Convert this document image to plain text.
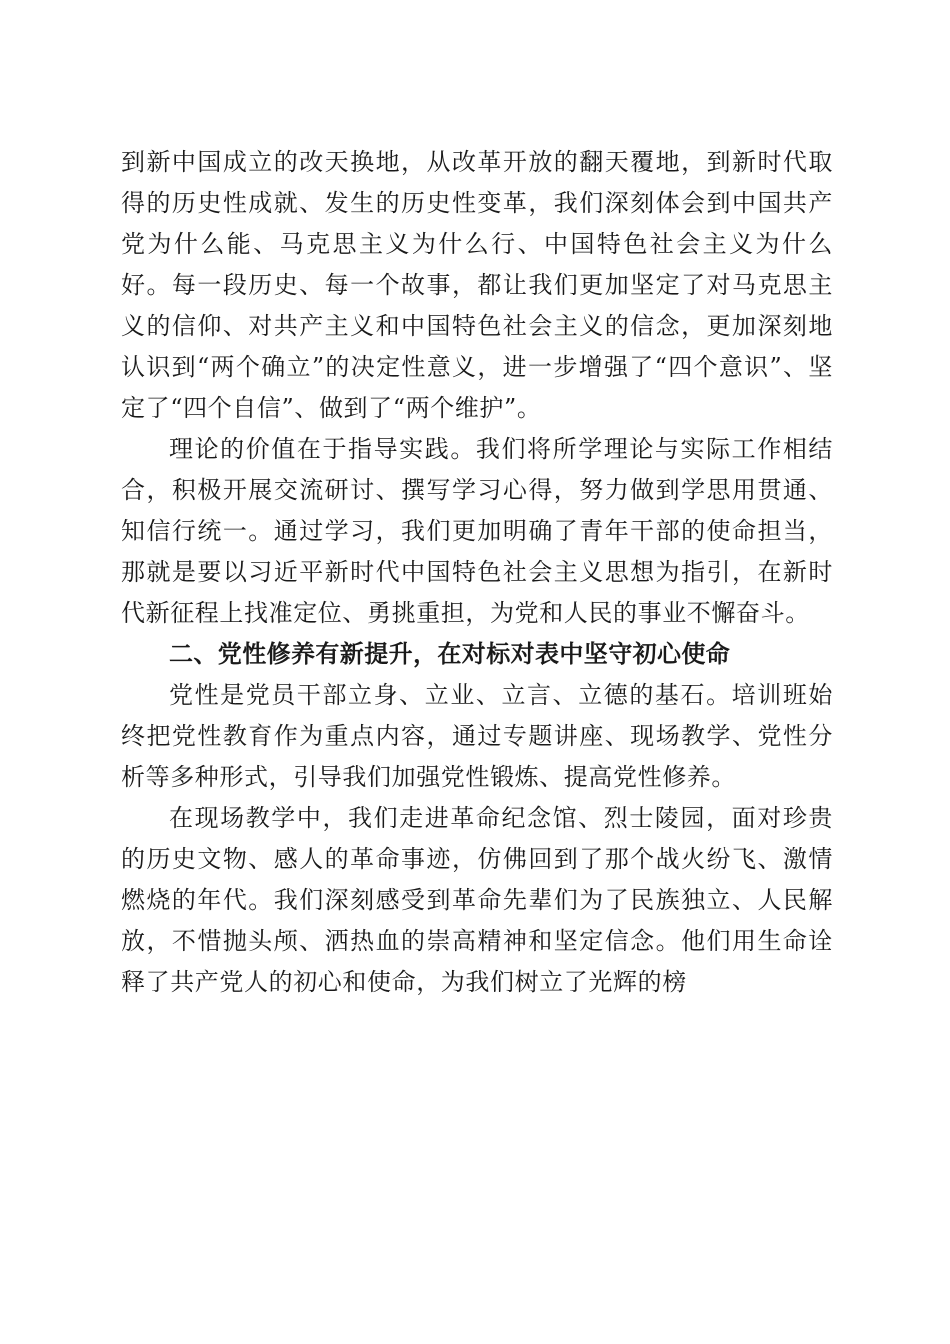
到新中国成立的改天换地，从改革开放的翻天覆地，到新时代取得的历史性成就、发生的历史性变革，我们深刻体会到中国共产党为什么能、马克思主义为什么行、中国特色社会主义为什么好。每一段历史、每一个故事，都让我们更加坚定了对马克思主义的信仰、对共产主义和中国特色社会主义的信念，更加深刻地认识到“两个确立”的决定性意义，进一步增强了“四个意识”、坚定了“四个自信”、做到了“两个维护”。

理论的价值在于指导实践。我们将所学理论与实际工作相结合，积极开展交流研讨、撰写学习心得，努力做到学思用贯通、知信行统一。通过学习，我们更加明确了青年干部的使命担当，那就是要以习近平新时代中国特色社会主义思想为指引，在新时代新征程上找准定位、勇挑重担，为党和人民的事业不懈奋斗。

二、党性修养有新提升，在对标对表中坚守初心使命

党性是党员干部立身、立业、立言、立德的基石。培训班始终把党性教育作为重点内容，通过专题讲座、现场教学、党性分析等多种形式，引导我们加强党性锻炼、提高党性修养。

在现场教学中，我们走进革命纪念馆、烈士陵园，面对珍贵的历史文物、感人的革命事迹，仿佛回到了那个战火纷飞、激情燃烧的年代。我们深刻感受到革命先辈们为了民族独立、人民解放，不惜抛头颅、洒热血的崇高精神和坚定信念。他们用生命诠释了共产党人的初心和使命，为我们树立了光辉的榜
